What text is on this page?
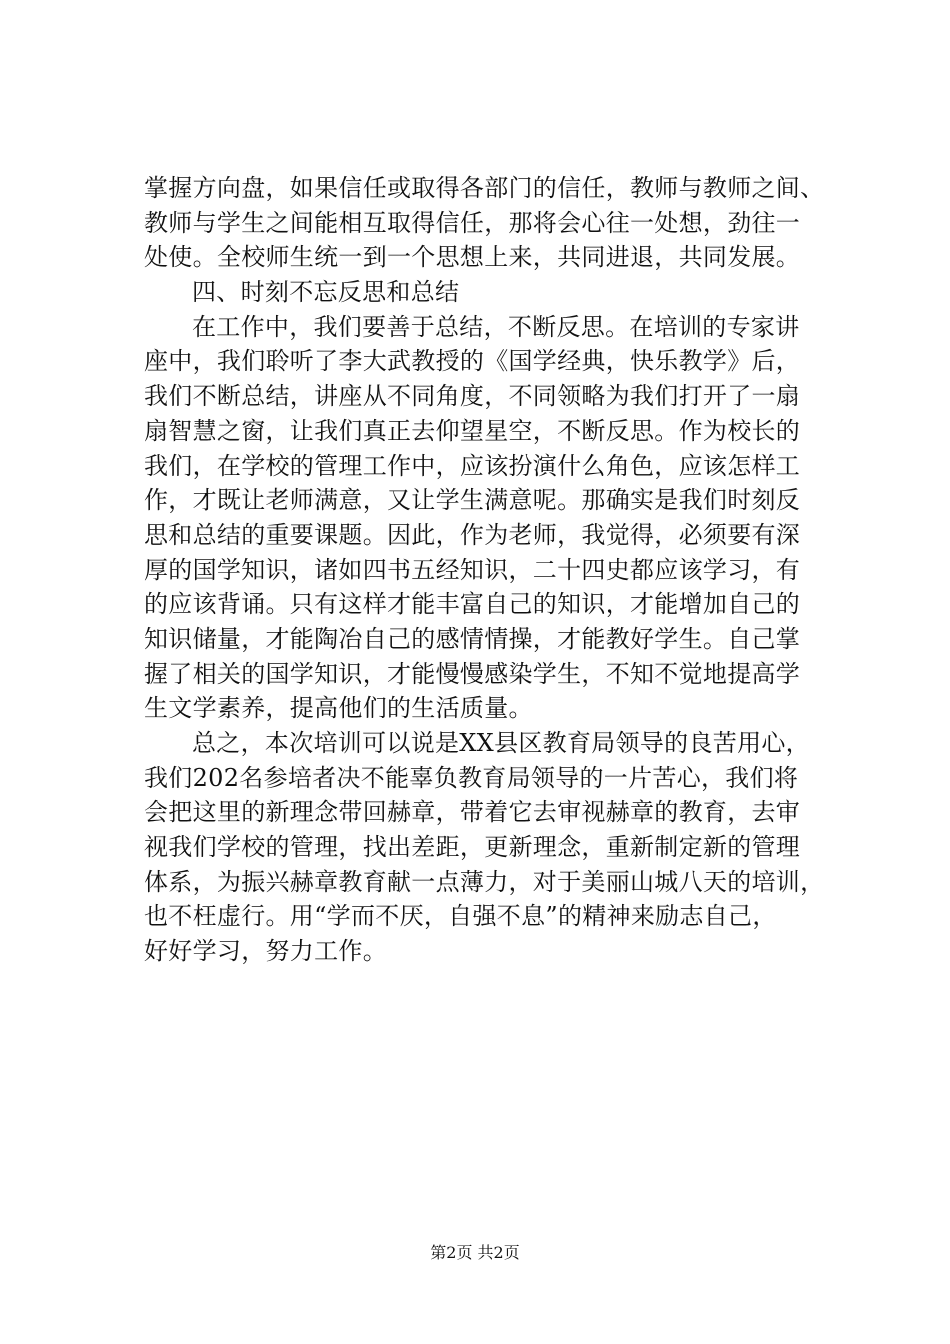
掌握方向盘，如果信任或取得各部门的信任，教师与教师之间、
教师与学生之间能相互取得信任，那将会心往一处想，劲往一
处使。全校师生统一到一个思想上来，共同进退，共同发展。
四、时刻不忘反思和总结
在工作中，我们要善于总结，不断反思。在培训的专家讲
座中，我们聆听了李大武教授的《国学经典，快乐教学》后，
我们不断总结，讲座从不同角度，不同领略为我们打开了一扇
扇智慧之窗，让我们真正去仰望星空，不断反思。作为校长的
我们，在学校的管理工作中，应该扮演什么角色，应该怎样工
作，才既让老师满意，又让学生满意呢。那确实是我们时刻反
思和总结的重要课题。因此，作为老师，我觉得，必须要有深
厚的国学知识，诸如四书五经知识，二十四史都应该学习，有
的应该背诵。只有这样才能丰富自己的知识，才能增加自己的
知识储量，才能陶冶自己的感情情操，才能教好学生。自己掌
握了相关的国学知识，才能慢慢感染学生，不知不觉地提高学
生文学素养，提高他们的生活质量。
总之，本次培训可以说是XX县区教育局领导的良苦用心，
我们202名参培者决不能辜负教育局领导的一片苦心，我们将
会把这里的新理念带回赫章，带着它去审视赫章的教育，去审
视我们学校的管理，找出差距，更新理念，重新制定新的管理
体系，为振兴赫章教育献一点薄力，对于美丽山城八天的培训，
也不枉虚行。用“学而不厌，自强不息”的精神来励志自己，
好好学习，努力工作。
第2页 共2页
